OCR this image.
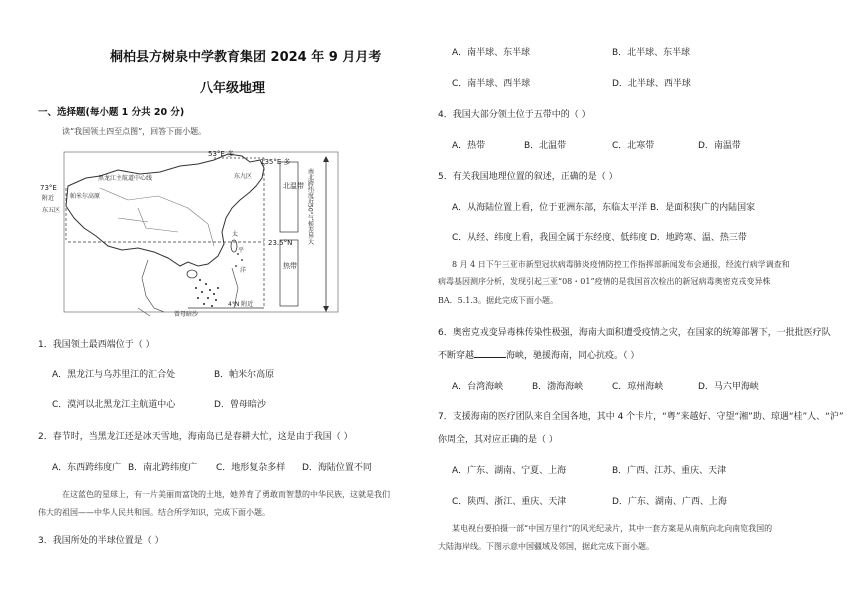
桐柏县方树泉中学教育集团 2024 年 9 月月考
八年级地理
一、选择题(每小题 1 分共 20 分)
读“我国领土四至点图”，回答下面小题。
53°E 多
135°E 多
73°E
附近
东五区
东九区
帕米尔高原
黑龙江主航道中心线
北温带
热带
太
平
洋
23.5°N
4°N 附近
曾母暗沙
南北跨纬度近50°气候差异大
1．我国领土最西端位于（ ）
A．黑龙江与乌苏里江的汇合处	B．帕米尔高原
C．漠河以北黑龙江主航道中心	D．曾母暗沙
2．春节时，当黑龙江还是冰天雪地，海南岛已是春耕大忙，这是由于我国（ ）
A．东西跨纬度广 B．南北跨纬度广 C．地形复杂多样 D．海陆位置不同
在这蓝色的星球上，有一片美丽而富饶的土地，她养育了勇敢而智慧的中华民族，这就是我们
伟大的祖国——中华人民共和国。结合所学知识，完成下面小题。
3．我国所处的半球位置是（ ）
A．南半球、东半球	B．北半球、东半球
C．南半球、西半球	D．北半球、西半球
4．我国大部分领土位于五带中的（ ）
A．热带	B．北温带	C．北寒带	D．南温带
5．有关我国地理位置的叙述，正确的是（ ）
A．从海陆位置上看，位于亚洲东部，东临太平洋 B．是面积狭广的内陆国家
C．从经、纬度上看，我国全属于东经度、低纬度 D．地跨寒、温、热三带
8 月 4 日下午三亚市新型冠状病毒肺炎疫情防控工作指挥部新闻发布会通报，经流行病学调查和
病毒基因测序分析，发现引起三亚“08・01”疫情的是我国首次检出的新冠病毒奥密克戎变异株
BA．5.1.3。据此完成下面小题。
6．奥密克戎变异毒株传染性极强，海南大面积遭受疫情之灾，在国家的统筹部署下，一批批医疗队
不断穿越	海峡，驰援海南，同心抗疫。（ ）
A．台湾海峡	B．渤海海峡	C．琼州海峡	D．马六甲海峡
7．支援海南的医疗团队来自全国各地，其中 4 个卡片，“粤”来越好、守望“湘”助、琼遇“桂”人、“沪”
你周全，其对应正确的是（ ）
A．广东、湖南、宁夏、上海	B．广西、江苏、重庆、天津
C．陕西、浙江、重庆、天津	D．广东、湖南、广西、上海
某电视台要拍摄一部“中国万里行”的风光纪录片，其中一套方案是从南航向北向南览我国的
大陆海岸线。下图示意中国疆域及邻国，据此完成下面小题。
